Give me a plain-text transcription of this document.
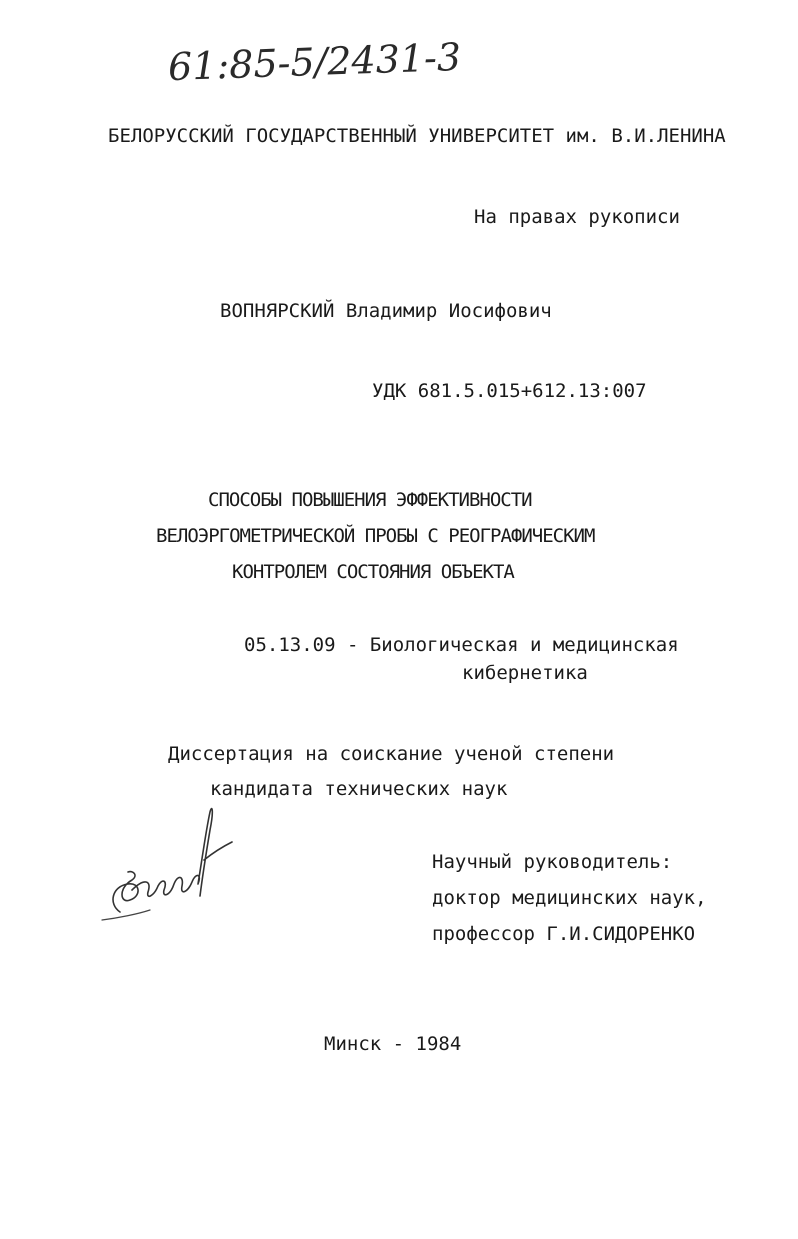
61:85-5/2431-3
БЕЛОРУССКИЙ ГОСУДАРСТВЕННЫЙ УНИВЕРСИТЕТ им. В.И.ЛЕНИНА
На правах рукописи
ВОПНЯРСКИЙ Владимир Иосифович
УДК 681.5.015+612.13:007
СПОСОБЫ ПОВЫШЕНИЯ ЭФФЕКТИВНОСТИ
ВЕЛОЭРГОМЕТРИЧЕСКОЙ ПРОБЫ С РЕОГРАФИЧЕСКИМ
КОНТРОЛЕМ СОСТОЯНИЯ ОБЪЕКТА
05.13.09 - Биологическая и медицинская
кибернетика
Диссертация на соискание ученой степени
кандидата технических наук
Научный руководитель:
доктор медицинских наук,
профессор Г.И.СИДОРЕНКО
Минск - 1984
